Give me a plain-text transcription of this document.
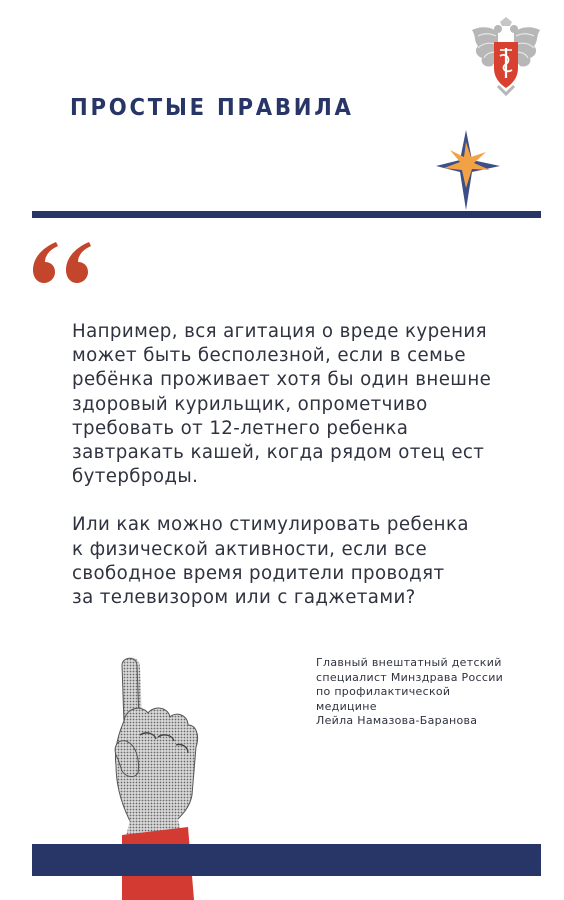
ПРОСТЫЕ ПРАВИЛА

Например, вся агитация о вреде курения
может быть бесполезной, если в семье
ребёнка проживает хотя бы один внешне
здоровый курильщик, опрометчиво
требовать от 12-летнего ребенка
завтракать кашей, когда рядом отец ест
бутерброды.

Или как можно стимулировать ребенка
к физической активности, если все
свободное время родители проводят
за телевизором или с гаджетами?

Главный внештатный детский
специалист Минздрава России
по профилактической
медицине
Лейла Намазова-Баранова
